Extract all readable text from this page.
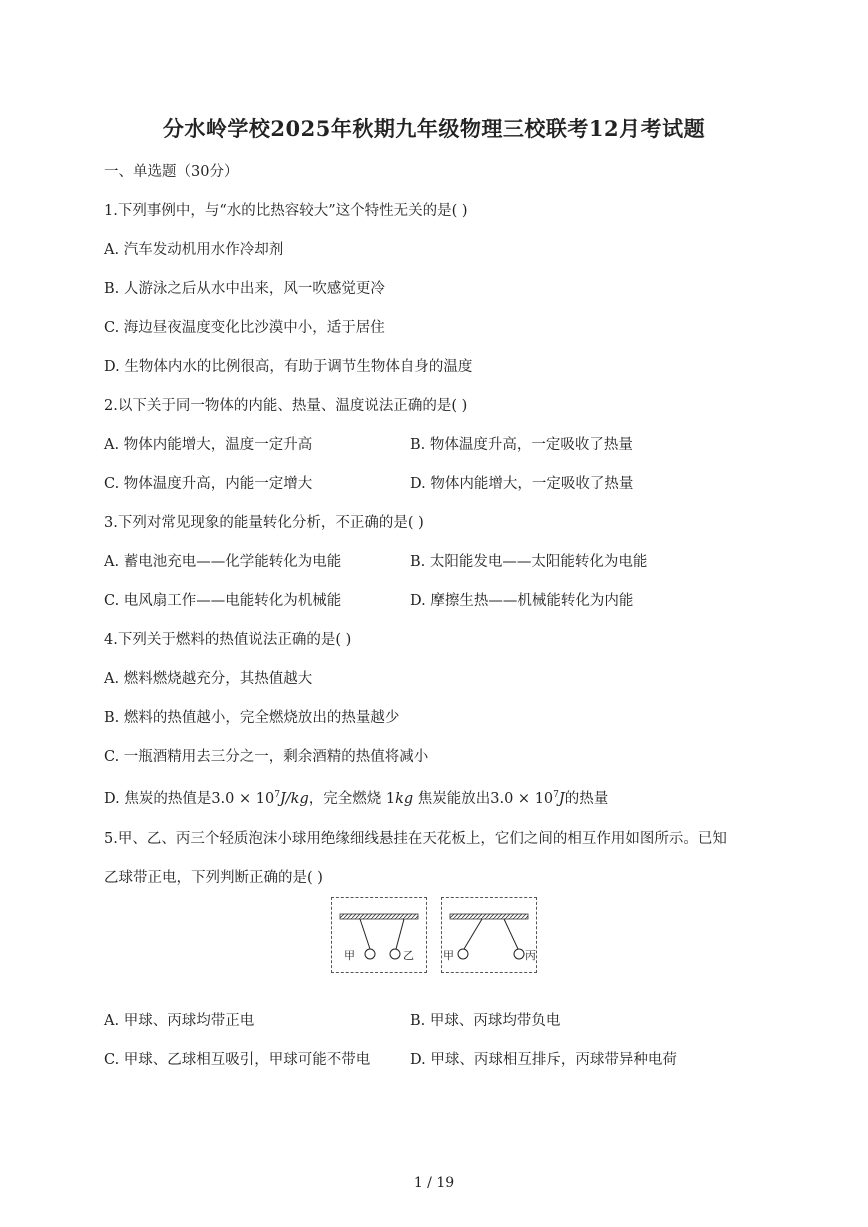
分水岭学校2025年秋期九年级物理三校联考12月考试题
一、单选题（30分）
1.下列事例中，与“水的比热容较大”这个特性无关的是( )
A. 汽车发动机用水作冷却剂
B. 人游泳之后从水中出来，风一吹感觉更冷
C. 海边昼夜温度变化比沙漠中小，适于居住
D. 生物体内水的比例很高，有助于调节生物体自身的温度
2.以下关于同一物体的内能、热量、温度说法正确的是( )
A. 物体内能增大，温度一定升高	B. 物体温度升高，一定吸收了热量
C. 物体温度升高，内能一定增大	D. 物体内能增大，一定吸收了热量
3.下列对常见现象的能量转化分析，不正确的是( )
A. 蓄电池充电——化学能转化为电能	B. 太阳能发电——太阳能转化为电能
C. 电风扇工作——电能转化为机械能	D. 摩擦生热——机械能转化为内能
4.下列关于燃料的热值说法正确的是( )
A. 燃料燃烧越充分，其热值越大
B. 燃料的热值越小，完全燃烧放出的热量越少
C. 一瓶酒精用去三分之一，剩余酒精的热值将减小
D. 焦炭的热值是$3.0 \times 10^7J/kg$，完全燃烧 1kg 焦炭能放出$3.0 \times 10^7J$的热量
5.甲、乙、丙三个轻质泡沫小球用绝缘细线悬挂在天花板上，它们之间的相互作用如图所示。已知
乙球带正电，下列判断正确的是( )
甲	乙	甲	丙
A. 甲球、丙球均带正电	B. 甲球、丙球均带负电
C. 甲球、乙球相互吸引，甲球可能不带电	D. 甲球、丙球相互排斥，丙球带异种电荷
1 / 19
